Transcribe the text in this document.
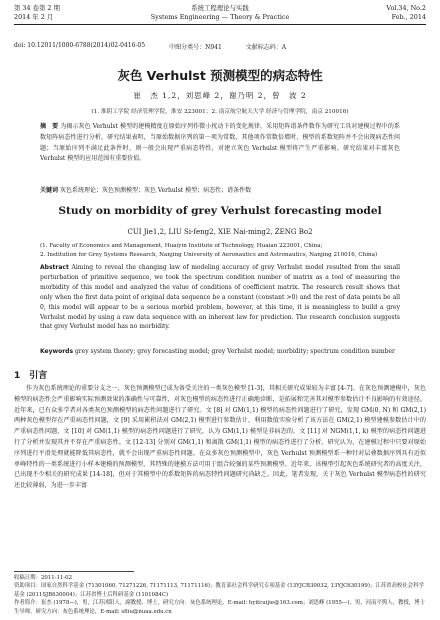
第 34 卷第 2 期	系统工程理论与实践	Vol.34, No.2
2014 年 2 月	Systems Engineering — Theory & Practice	Feb., 2014
doi: 10.12011/1000-6788(2014)02-0416-05	中图分类号：N941	文献标志码：A
灰色 Verhulst 预测模型的病态特性
崔　杰 1,2，刘思峰 2，谢乃明 2，曾　波 2
(1. 淮阴工学院 经济管理学院，淮安 223001；2. 南京航空航天大学 经济与管理学院，南京 210016)
摘　要 为揭示灰色 Verhulst 模型的建模精度在原始序列作微小扰动下的变化规律，采用矩阵谱条件数作为研究工具对建模过程中的系数矩阵病态性进行分析，研究结果表明，当原始数据序列的第一项为常数，其他项作常数倍增时，模型的系数矩阵并不会出现病态性问题；当原始序列不满足此条件时，则一般会出现严重病态特性，对建立灰色 Verhulst 模型将产生严重影响。研究结果对丰富灰色 Verhulst 模型的应用范围有重要价值。
关键词 灰色系统理论；灰色预测模型；灰色 Verhulst 模型；病态性；谱条件数
Study on morbidity of grey Verhulst forecasting model
CUI Jie1,2, LIU Si-feng2, XIE Nai-ming2, ZENG Bo2
(1. Faculty of Economics and Management, Huaiyin Institute of Technology, Huaian 223001, China;
2. Institution for Grey Systems Research, Nanjing University of Aeronautics and Astronautics, Nanjing 210016, China)
Abstract Aiming to reveal the changing law of modeling accuracy of grey Verhulst model resulted from the small perturbation of primitive sequence, we took the spectrum condition number of matrix as a tool of measuring the morbidity of this model and analyzed the value of conditions of coefficient matrix. The research result shows that only when the first data point of original data sequence be a constant (constant >0) and the rest of data points be all 0, this model will appear to be a serious morbid problem, however, at this time, it is meaningless to build a grey Verhulst model by using a raw data sequence with an inherent law for prediction. The research conclusion suggests that grey Verhulst model has no morbidity.
Keywords grey system theory; grey forecasting model; grey Verhulst model; morbidity; spectrum condition number
1　引言
作为灰色系统理论的重要分支之一，灰色预测模型已成为备受关注的一类灰色模型 [1-3]，其相关研究成果较为丰富 [4-7]。在灰色预测建模中，灰色模型的病态性会严重影响实际预测效果的准确性与可靠性，对灰色模型的病态性进行正确地诊断，是拓展和完善其对模型参数估计不良影响的有效途径。近年来，已有众多学者对各类灰色预测模型的病态性问题进行了研究。文 [8] 对 GM(1,1) 模型的病态性问题进行了研究，发现 GM(0, N) 和 GM(2,1) 两种灰色模型存在严重病态性问题，文 [9] 采用累积法对 GM(2,1) 模型进行参数估计，利用数值实验分析了该方法在 GM(2,1) 模型建模参数估计中的严重病态性问题，文 [10] 对 GM(1,1) 模型的病态性问题进行了研究，认为 GM(1,1) 模型是非病态的，文 [11] 对 NGM(1,1, k) 模型的病态性问题进行了分析并发现其并不存在严重病态性。文 [12-13] 分别对 GM(1,1) 和离散 GM(1,1) 模型的病态性进行了分析。研究认为，在建模过程中只要对原始序列进行平滑处理就能降低其病态性，就不会出现严重病态性问题。在众多灰色预测模型中，灰色 Verhulst 预测模型系一种针对层叠数据序列具有近似单峰特性的一类系统进行小样本建模的预测模型，其特殊的建模方法可用于组合较强的某些预测模型。近年来，该模型引起灰色系统研究者的高度关注，已出现不少相关的研究成果 [14-18]，但对于其模型中的系数矩阵的病态特性问题研究尚缺乏。因此，笔者发现，关于灰色 Verhulst 模型病态性的研究还比较薄弱，为进一步丰富
收稿日期：2011-11-02
资助项目：国家自然科学基金 (71301060, 71271226, 71171113, 71171116)；教育部社会科学研究专项基金 (13YJCB30032, 13YJC630199)；江苏省高校社会科学基金 (2011SJB630004)；江苏省博士后科研基金 (1101084C)
作者简介：崔杰 (1978—)，男，江苏沭阳人，副教授，博士，研究方向：灰色系统理论，E-mail: hyitcuijie@163.com；刘思峰 (1955—)，男，河南平舆人，教授，博士生导师，研究方向：灰色系统理论，E-mail: sfliu@nuaa.edu.cn
